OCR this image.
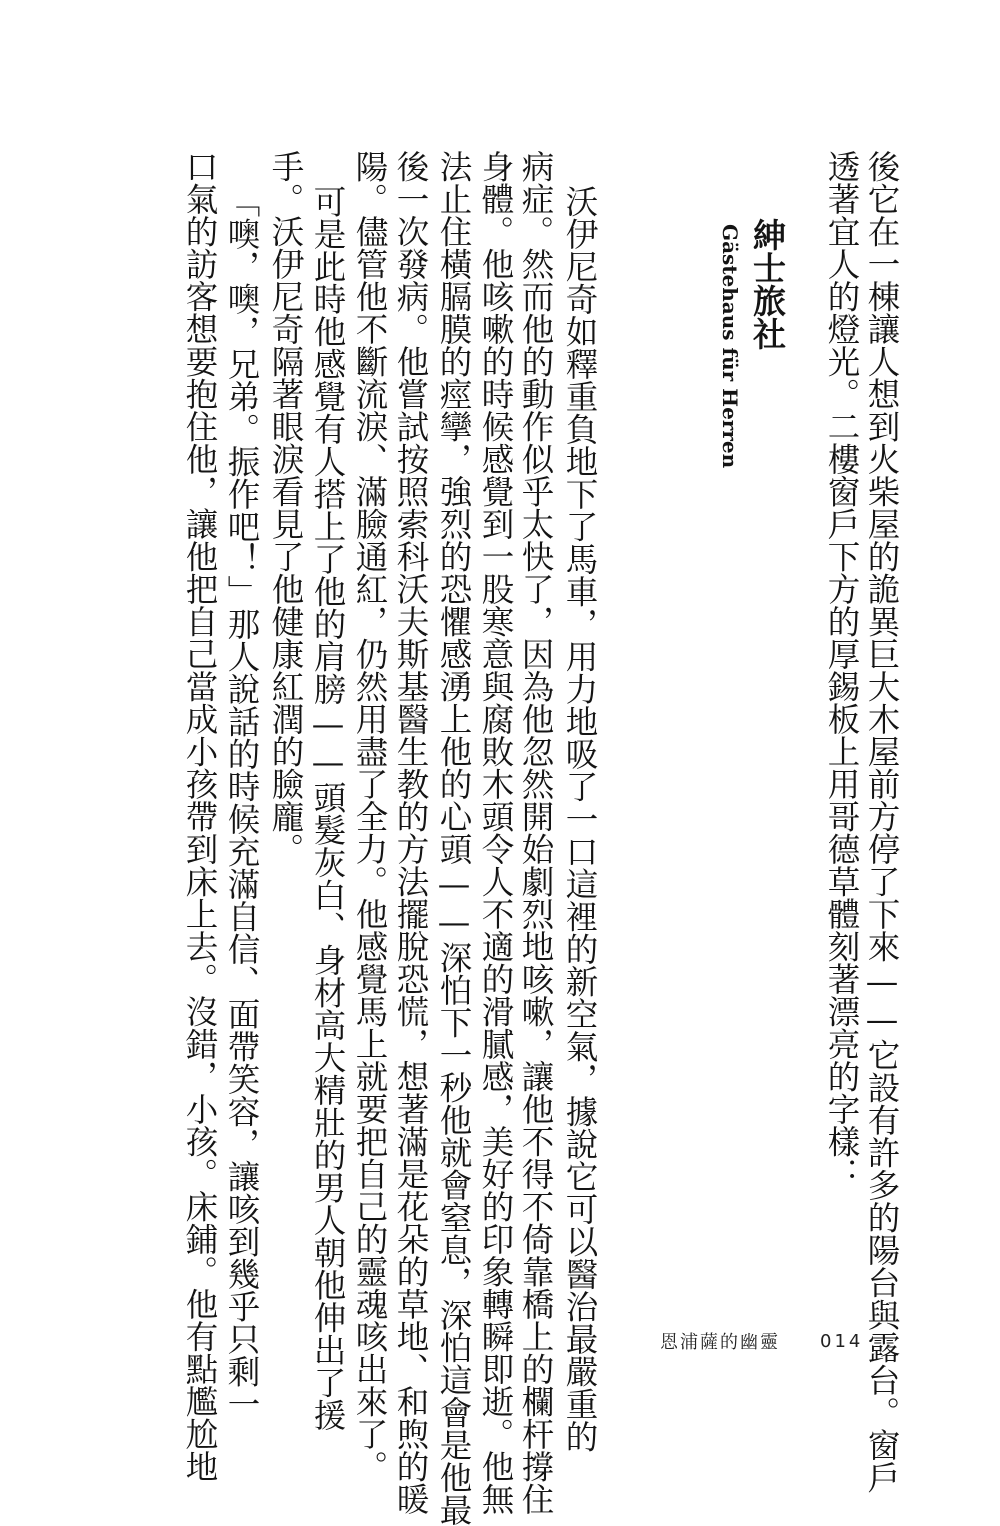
後它在一棟讓人想到火柴屋的詭異巨大木屋前方停了下來——它設有許多的陽台與露台。窗戶
透著宜人的燈光。二樓窗戶下方的厚錫板上用哥德草體刻著漂亮的字樣：
紳士旅社
Gästehaus für Herren
沃伊尼奇如釋重負地下了馬車，用力地吸了一口這裡的新空氣，據說它可以醫治最嚴重的
病症。然而他的動作似乎太快了，因為他忽然開始劇烈地咳嗽，讓他不得不倚靠橋上的欄杆撐住
身體。他咳嗽的時候感覺到一股寒意與腐敗木頭令人不適的滑膩感，美好的印象轉瞬即逝。他無
法止住橫膈膜的痙攣，強烈的恐懼感湧上他的心頭——深怕下一秒他就會窒息，深怕這會是他最
後一次發病。他嘗試按照索科沃夫斯基醫生教的方法擺脫恐慌，想著滿是花朵的草地、和煦的暖
陽。儘管他不斷流淚、滿臉通紅，仍然用盡了全力。他感覺馬上就要把自己的靈魂咳出來了。
可是此時他感覺有人搭上了他的肩膀——頭髮灰白、身材高大精壯的男人朝他伸出了援
手。沃伊尼奇隔著眼淚看見了他健康紅潤的臉龐。
「噢，噢，兄弟。振作吧！」那人說話的時候充滿自信、面帶笑容，讓咳到幾乎只剩一
口氣的訪客想要抱住他，讓他把自己當成小孩帶到床上去。沒錯，小孩。床鋪。他有點尷尬地	恩浦薩的幽靈 014
